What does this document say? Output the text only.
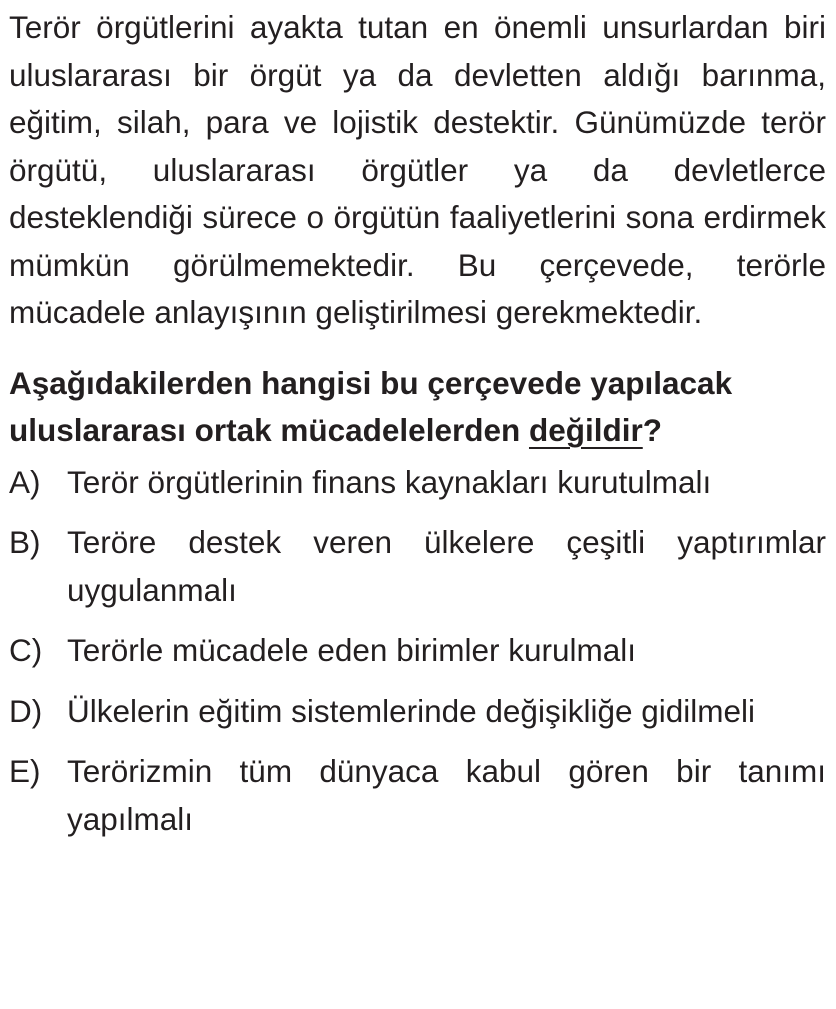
Terör örgütlerini ayakta tutan en önemli unsurlardan biri uluslararası bir örgüt ya da devletten aldığı barınma, eğitim, silah, para ve lojistik destektir. Günümüzde terör örgütü, uluslararası örgütler ya da devletlerce desteklendiği sürece o örgütün faaliyetlerini sona erdirmek mümkün görülmemektedir. Bu çerçevede, terörle mücadele anlayışının geliştirilmesi gerekmektedir.

Aşağıdakilerden hangisi bu çerçevede yapılacak uluslararası ortak mücadelelerden değildir?

A) Terör örgütlerinin finans kaynakları kurutulmalı
B) Teröre destek veren ülkelere çeşitli yaptırımlar uygulanmalı
C) Terörle mücadele eden birimler kurulmalı
D) Ülkelerin eğitim sistemlerinde değişikliğe gidilmeli
E) Terörizmin tüm dünyaca kabul gören bir tanımı yapılmalı
